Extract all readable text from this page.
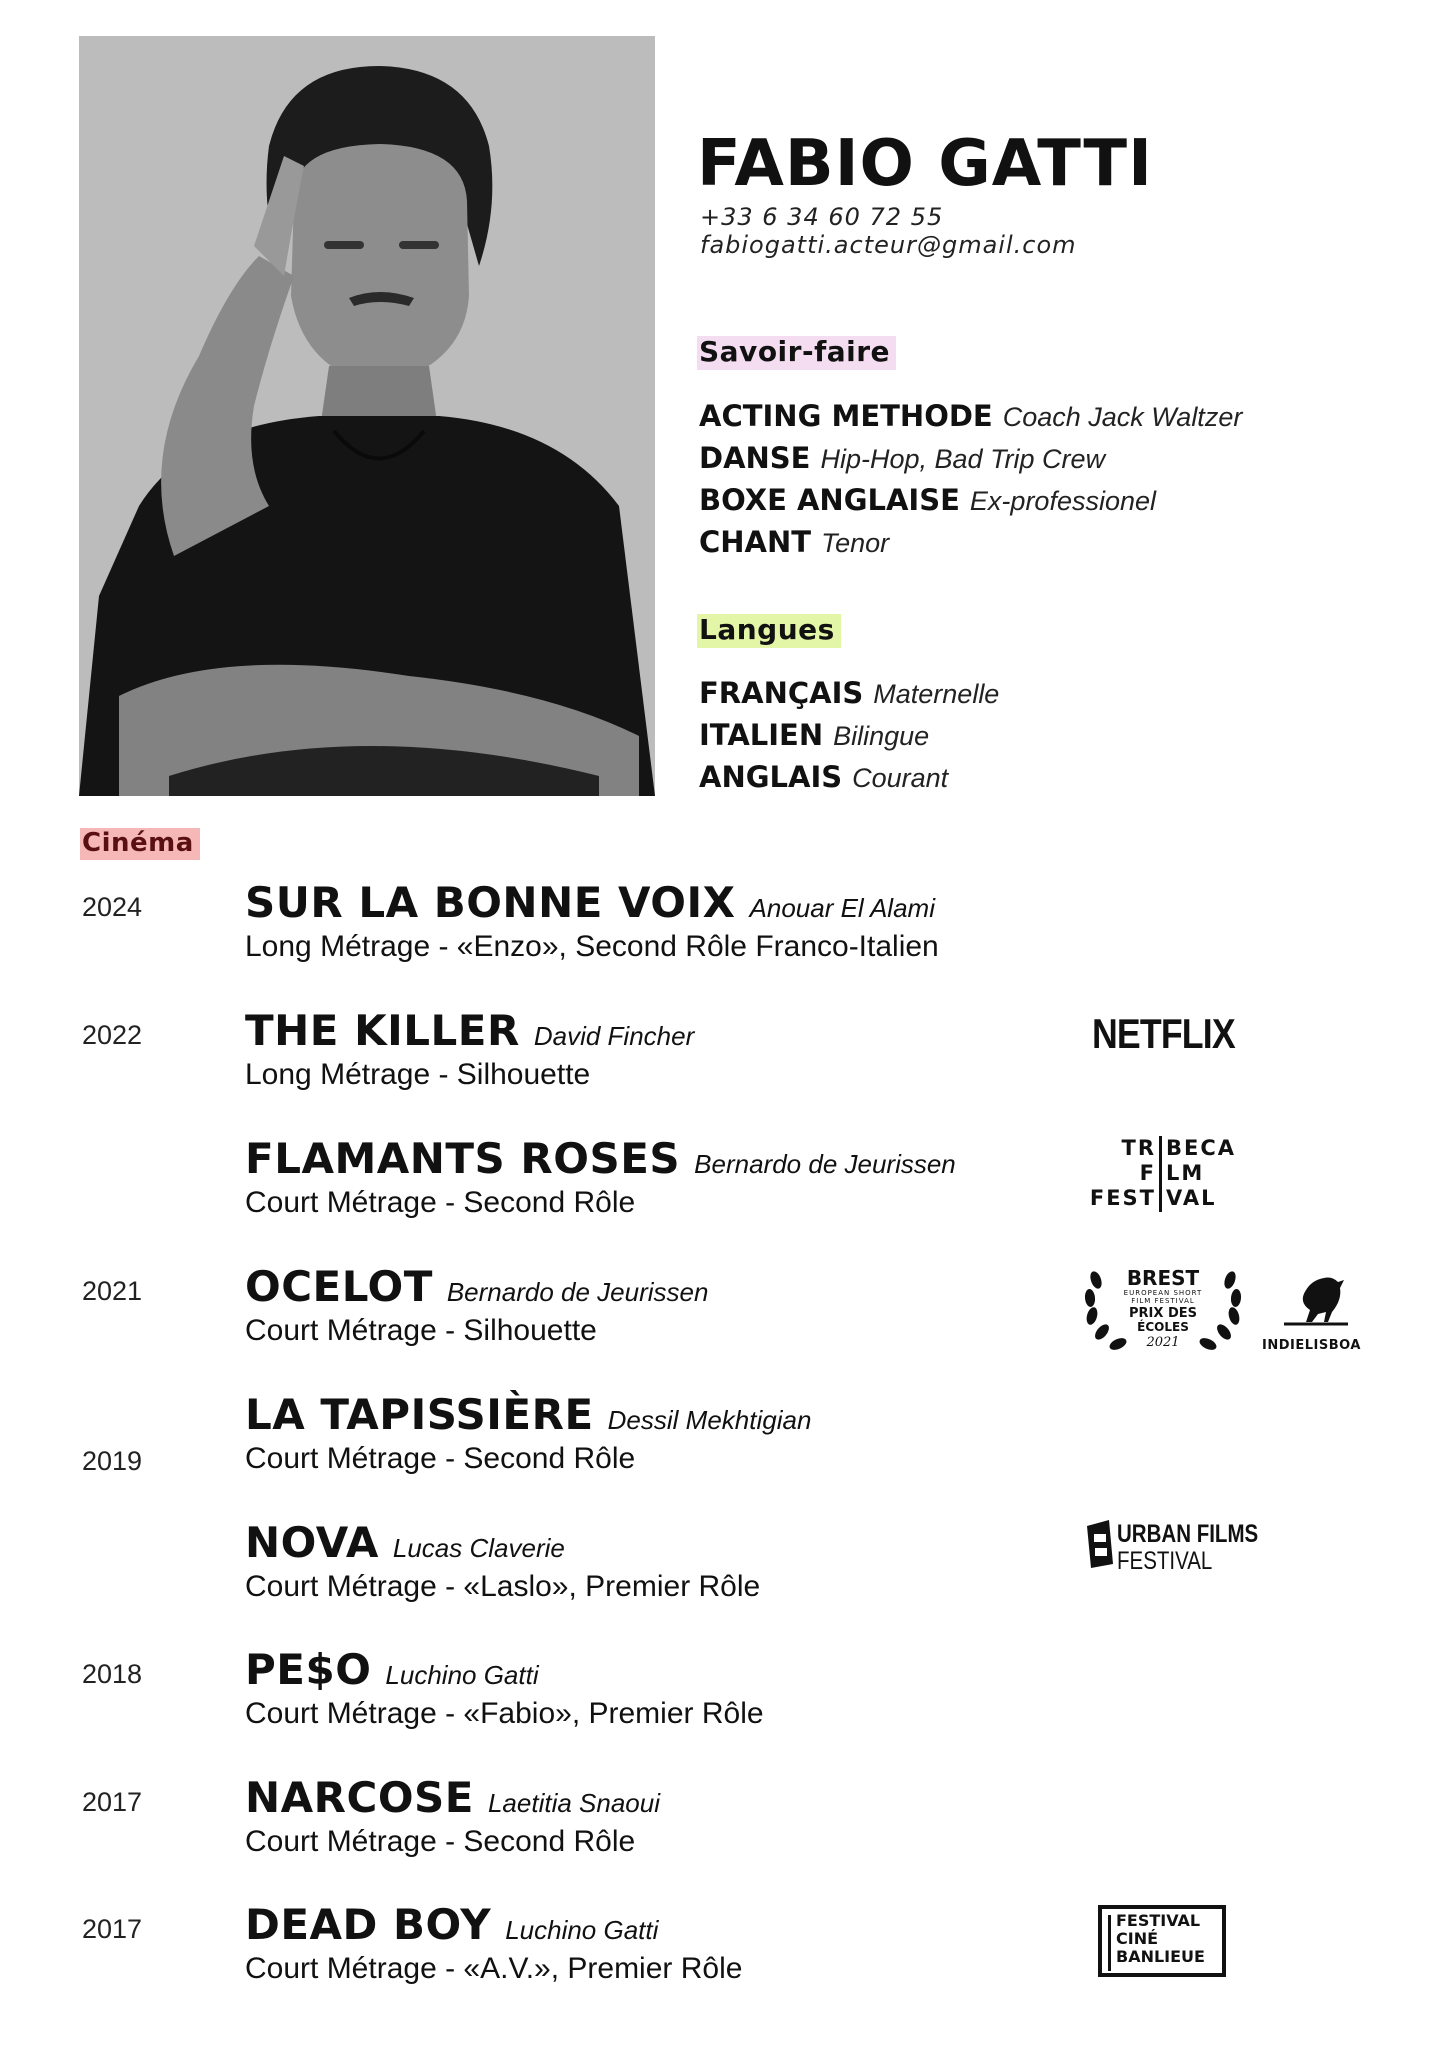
FABIO GATTI
+33 6 34 60 72 55
fabiogatti.acteur@gmail.com
Savoir-faire
ACTING METHODE Coach Jack Waltzer
DANSE Hip-Hop, Bad Trip Crew
BOXE ANGLAISE Ex-professionel
CHANT Tenor
Langues
FRANÇAIS Maternelle
ITALIEN Bilingue
ANGLAIS Courant
Cinéma
2024 SUR LA BONNE VOIX Anouar El Alami
Long Métrage - «Enzo», Second Rôle Franco-Italien
2022 THE KILLER David Fincher
Long Métrage - Silhouette
FLAMANTS ROSES Bernardo de Jeurissen
Court Métrage - Second Rôle
2021 OCELOT Bernardo de Jeurissen
Court Métrage - Silhouette
2019
LA TAPISSIÈRE Dessil Mekhtigian
Court Métrage - Second Rôle
NOVA Lucas Claverie
Court Métrage - «Laslo», Premier Rôle
2018 PE$O Luchino Gatti
Court Métrage - «Fabio», Premier Rôle
2017 NARCOSE Laetitia Snaoui
Court Métrage - Second Rôle
2017 DEAD BOY Luchino Gatti
Court Métrage - «A.V.», Premier Rôle
NETFLIX
TR BECA
F LM
FEST VAL
BREST
EUROPEAN SHORT
FILM FESTIVAL
PRIX DES
ÉCOLES
2021	INDIELISBOA
URBAN FILMS
FESTIVAL
FESTIVAL
CINÉ
BANLIEUE
